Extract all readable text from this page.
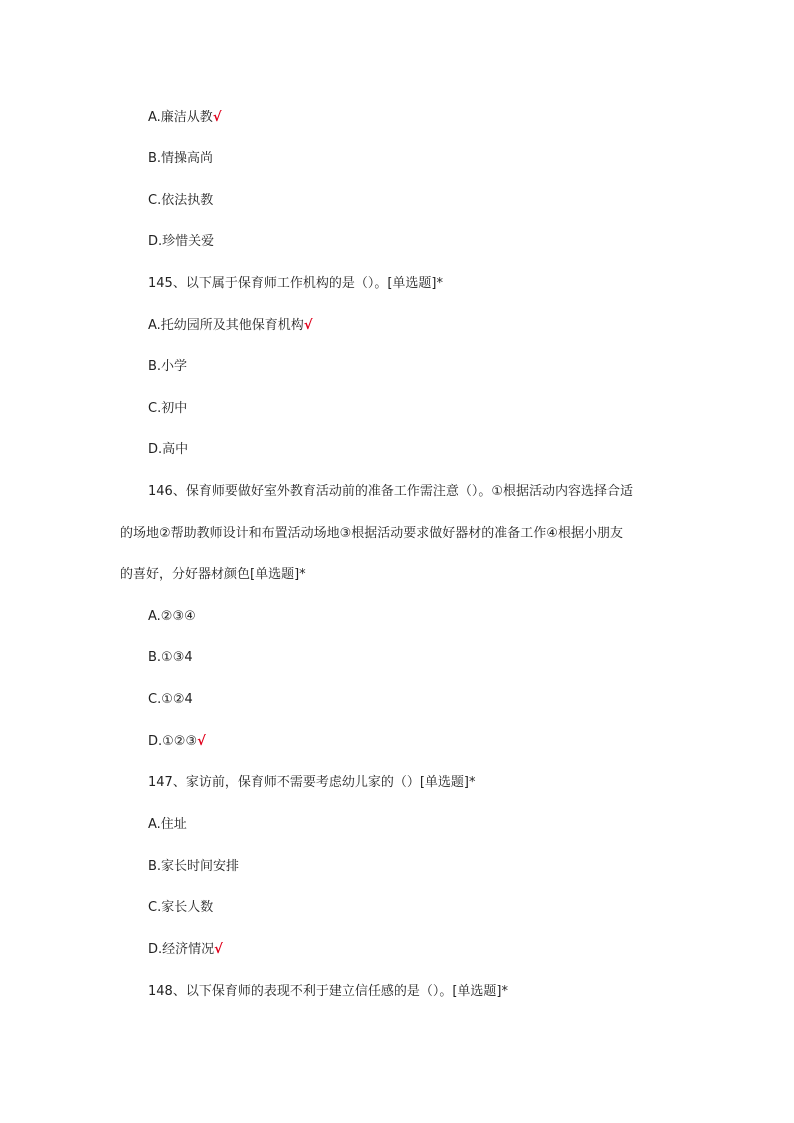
A.廉洁从教√
B.情操高尚
C.依法执教
D.珍惜关爱
145、以下属于保育师工作机构的是（）。[单选题]*
A.托幼园所及其他保育机构√
B.小学
C.初中
D.高中
146、保育师要做好室外教育活动前的准备工作需注意（）。①根据活动内容选择合适
的场地②帮助教师设计和布置活动场地③根据活动要求做好器材的准备工作④根据小朋友
的喜好，分好器材颜色[单选题]*
A.②③④
B.①③4
C.①②4
D.①②③√
147、家访前，保育师不需要考虑幼儿家的（）[单选题]*
A.住址
B.家长时间安排
C.家长人数
D.经济情况√
148、以下保育师的表现不利于建立信任感的是（）。[单选题]*
